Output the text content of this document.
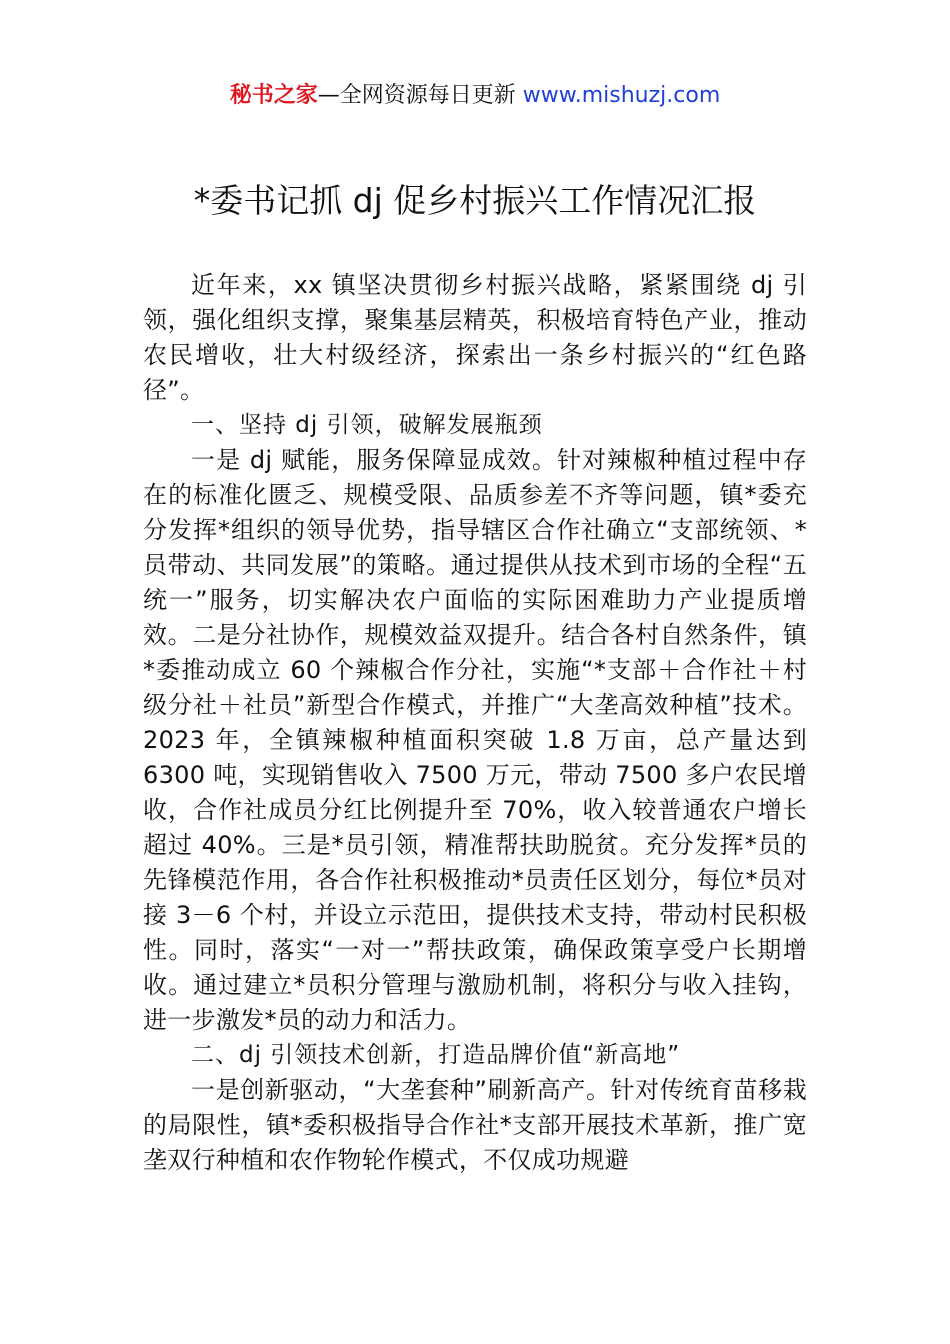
秘书之家—全网资源每日更新 www.mishuzj.com
*委书记抓 dj 促乡村振兴工作情况汇报

近年来，xx 镇坚决贯彻乡村振兴战略，紧紧围绕 dj 引领，强化组织支撑，聚集基层精英，积极培育特色产业，推动农民增收，壮大村级经济，探索出一条乡村振兴的“红色路径”。

一、坚持 dj 引领，破解发展瓶颈

一是 dj 赋能，服务保障显成效。针对辣椒种植过程中存在的标准化匮乏、规模受限、品质参差不齐等问题，镇*委充分发挥*组织的领导优势，指导辖区合作社确立“支部统领、*员带动、共同发展”的策略。通过提供从技术到市场的全程“五统一”服务，切实解决农户面临的实际困难助力产业提质增效。二是分社协作，规模效益双提升。结合各村自然条件，镇*委推动成立 60 个辣椒合作分社，实施“*支部＋合作社＋村级分社＋社员”新型合作模式，并推广“大垄高效种植”技术。2023 年，全镇辣椒种植面积突破 1.8 万亩，总产量达到 6300 吨，实现销售收入 7500 万元，带动 7500 多户农民增收，合作社成员分红比例提升至 70%，收入较普通农户增长超过 40%。三是*员引领，精准帮扶助脱贫。充分发挥*员的先锋模范作用，各合作社积极推动*员责任区划分，每位*员对接 3－6 个村，并设立示范田，提供技术支持，带动村民积极性。同时，落实“一对一”帮扶政策，确保政策享受户长期增收。通过建立*员积分管理与激励机制，将积分与收入挂钩，进一步激发*员的动力和活力。

二、dj 引领技术创新，打造品牌价值“新高地”

一是创新驱动，“大垄套种”刷新高产。针对传统育苗移栽的局限性，镇*委积极指导合作社*支部开展技术革新，推广宽垄双行种植和农作物轮作模式，不仅成功规避
